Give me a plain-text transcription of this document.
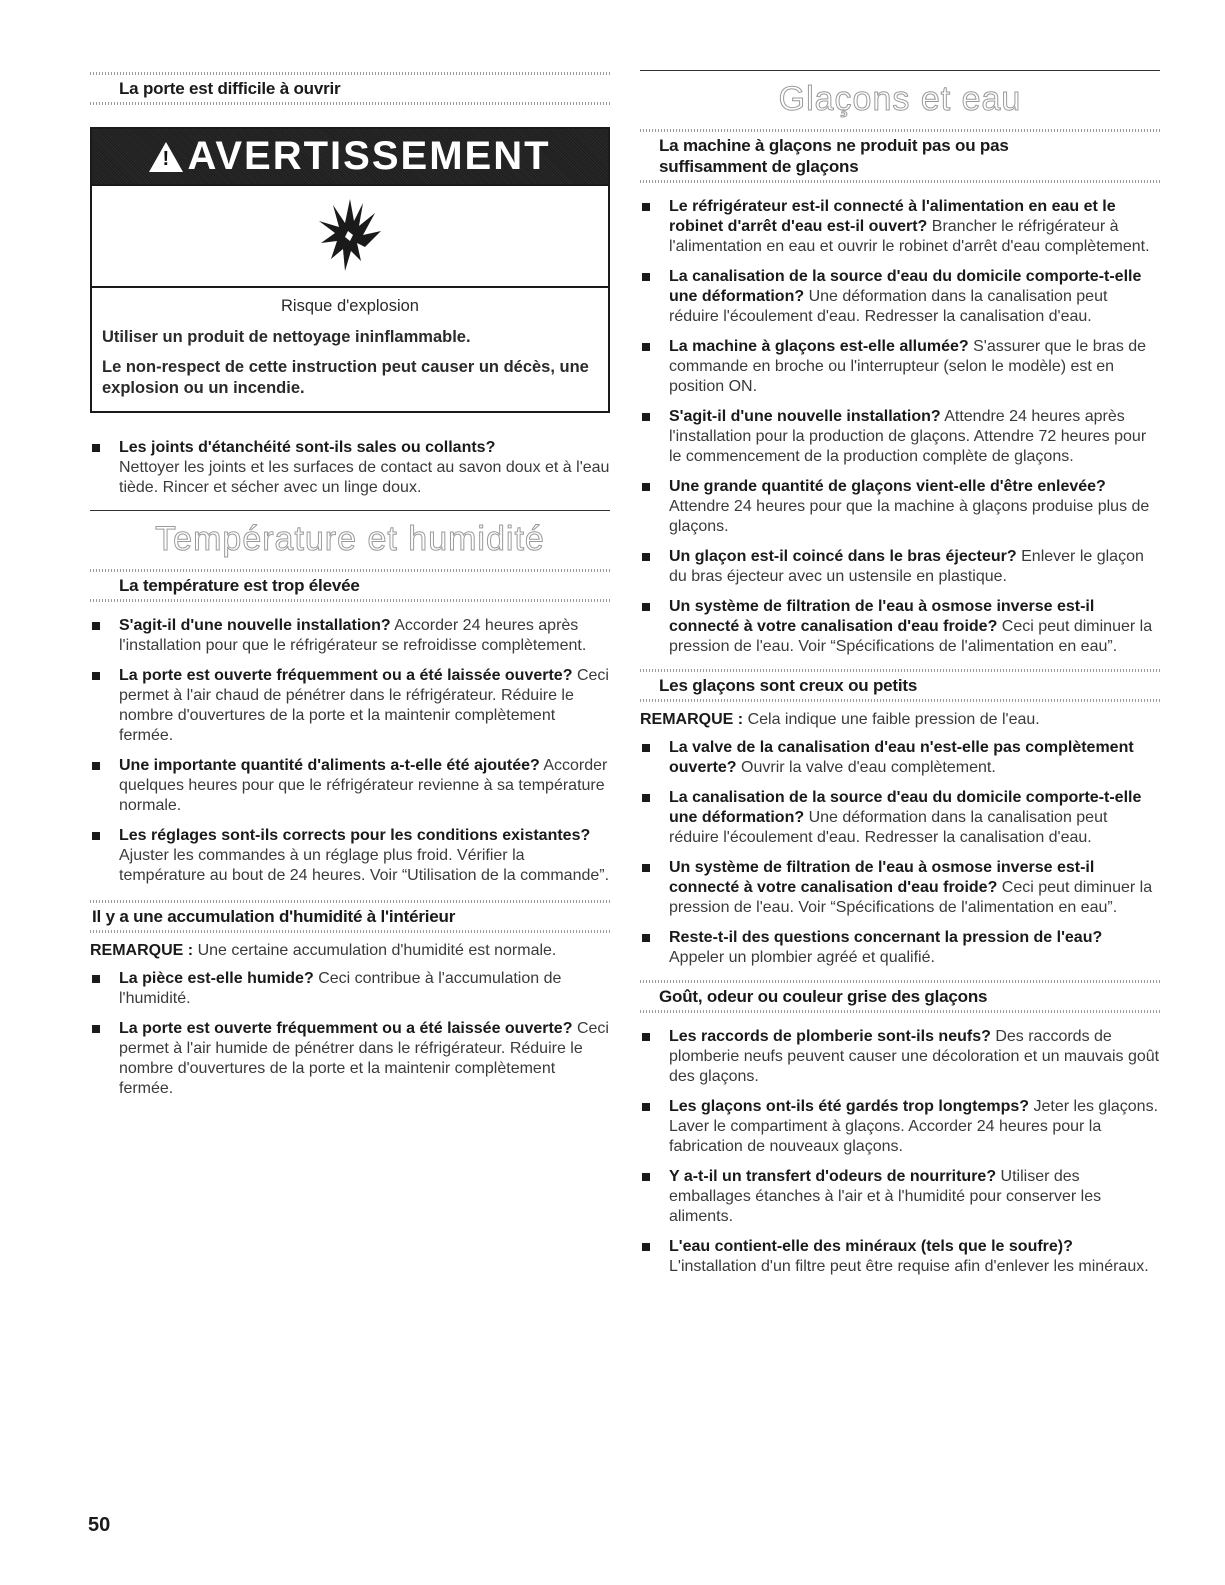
La porte est difficile à ouvrir
! AVERTISSEMENT
Risque d'explosion

Utiliser un produit de nettoyage ininflammable.

Le non-respect de cette instruction peut causer un décès, une explosion ou un incendie.

Les joints d'étanchéité sont-ils sales ou collants?
Nettoyer les joints et les surfaces de contact au savon doux et à l'eau tiède. Rincer et sécher avec un linge doux.
Température et humidité
La température est trop élevée
S'agit-il d'une nouvelle installation? Accorder 24 heures après l'installation pour que le réfrigérateur se refroidisse complètement.
La porte est ouverte fréquemment ou a été laissée ouverte? Ceci permet à l'air chaud de pénétrer dans le réfrigérateur. Réduire le nombre d'ouvertures de la porte et la maintenir complètement fermée.
Une importante quantité d'aliments a-t-elle été ajoutée? Accorder quelques heures pour que le réfrigérateur revienne à sa température normale.
Les réglages sont-ils corrects pour les conditions existantes? Ajuster les commandes à un réglage plus froid. Vérifier la température au bout de 24 heures. Voir “Utilisation de la commande”.
Il y a une accumulation d'humidité à l'intérieur
REMARQUE : Une certaine accumulation d'humidité est normale.
La pièce est-elle humide? Ceci contribue à l'accumulation de l'humidité.
La porte est ouverte fréquemment ou a été laissée ouverte? Ceci permet à l'air humide de pénétrer dans le réfrigérateur. Réduire le nombre d'ouvertures de la porte et la maintenir complètement fermée.
Glaçons et eau
La machine à glaçons ne produit pas ou pas suffisamment de glaçons
Le réfrigérateur est-il connecté à l'alimentation en eau et le robinet d'arrêt d'eau est-il ouvert? Brancher le réfrigérateur à l'alimentation en eau et ouvrir le robinet d'arrêt d'eau complètement.
La canalisation de la source d'eau du domicile comporte-t-elle une déformation? Une déformation dans la canalisation peut réduire l'écoulement d'eau. Redresser la canalisation d'eau.
La machine à glaçons est-elle allumée? S'assurer que le bras de commande en broche ou l'interrupteur (selon le modèle) est en position ON.
S'agit-il d'une nouvelle installation? Attendre 24 heures après l'installation pour la production de glaçons. Attendre 72 heures pour le commencement de la production complète de glaçons.
Une grande quantité de glaçons vient-elle d'être enlevée? Attendre 24 heures pour que la machine à glaçons produise plus de glaçons.
Un glaçon est-il coincé dans le bras éjecteur? Enlever le glaçon du bras éjecteur avec un ustensile en plastique.
Un système de filtration de l'eau à osmose inverse est-il connecté à votre canalisation d'eau froide? Ceci peut diminuer la pression de l'eau. Voir “Spécifications de l'alimentation en eau”.
Les glaçons sont creux ou petits
REMARQUE : Cela indique une faible pression de l'eau.
La valve de la canalisation d'eau n'est-elle pas complètement ouverte? Ouvrir la valve d'eau complètement.
La canalisation de la source d'eau du domicile comporte-t-elle une déformation? Une déformation dans la canalisation peut réduire l'écoulement d'eau. Redresser la canalisation d'eau.
Un système de filtration de l'eau à osmose inverse est-il connecté à votre canalisation d'eau froide? Ceci peut diminuer la pression de l'eau. Voir “Spécifications de l'alimentation en eau”.
Reste-t-il des questions concernant la pression de l'eau? Appeler un plombier agréé et qualifié.
Goût, odeur ou couleur grise des glaçons
Les raccords de plomberie sont-ils neufs? Des raccords de plomberie neufs peuvent causer une décoloration et un mauvais goût des glaçons.
Les glaçons ont-ils été gardés trop longtemps? Jeter les glaçons. Laver le compartiment à glaçons. Accorder 24 heures pour la fabrication de nouveaux glaçons.
Y a-t-il un transfert d'odeurs de nourriture? Utiliser des emballages étanches à l'air et à l'humidité pour conserver les aliments.
L'eau contient-elle des minéraux (tels que le soufre)? L'installation d'un filtre peut être requise afin d'enlever les minéraux.
50
